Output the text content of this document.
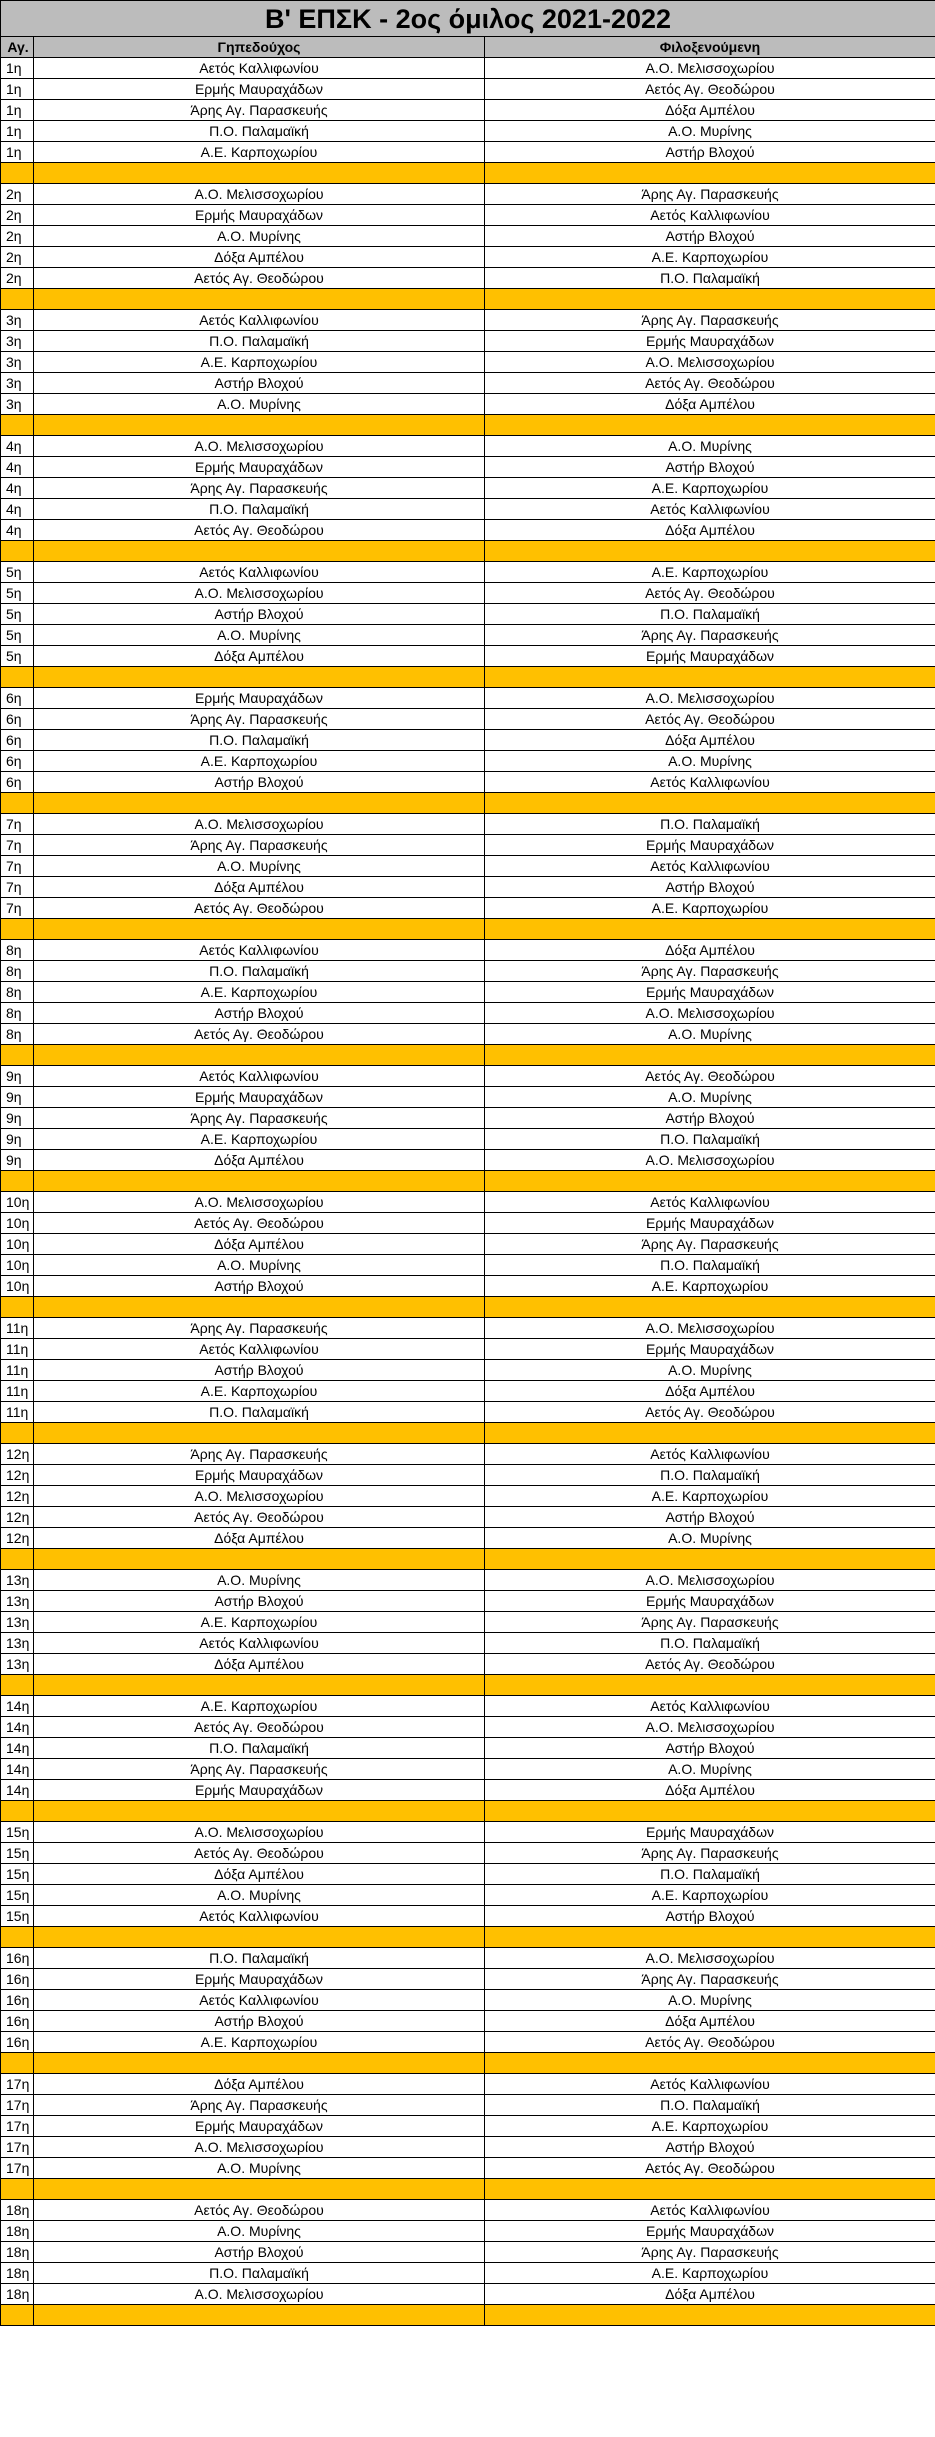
Β' ΕΠΣΚ - 2ος όμιλος 2021-2022		
Αγ.	Γηπεδούχος	Φιλοξενούμενη
1η	Αετός Καλλιφωνίου	Α.Ο. Μελισσοχωρίου
1η	Ερμής Μαυραχάδων	Αετός Αγ. Θεοδώρου
1η	Άρης Αγ. Παρασκευής	Δόξα Αμπέλου
1η	Π.Ο. Παλαμαϊκή	Α.Ο. Μυρίνης
1η	Α.Ε. Καρποχωρίου	Αστήρ Βλοχού

2η	Α.Ο. Μελισσοχωρίου	Άρης Αγ. Παρασκευής
2η	Ερμής Μαυραχάδων	Αετός Καλλιφωνίου
2η	Α.Ο. Μυρίνης	Αστήρ Βλοχού
2η	Δόξα Αμπέλου	Α.Ε. Καρποχωρίου
2η	Αετός Αγ. Θεοδώρου	Π.Ο. Παλαμαϊκή

3η	Αετός Καλλιφωνίου	Άρης Αγ. Παρασκευής
3η	Π.Ο. Παλαμαϊκή	Ερμής Μαυραχάδων
3η	Α.Ε. Καρποχωρίου	Α.Ο. Μελισσοχωρίου
3η	Αστήρ Βλοχού	Αετός Αγ. Θεοδώρου
3η	Α.Ο. Μυρίνης	Δόξα Αμπέλου

4η	Α.Ο. Μελισσοχωρίου	Α.Ο. Μυρίνης
4η	Ερμής Μαυραχάδων	Αστήρ Βλοχού
4η	Άρης Αγ. Παρασκευής	Α.Ε. Καρποχωρίου
4η	Π.Ο. Παλαμαϊκή	Αετός Καλλιφωνίου
4η	Αετός Αγ. Θεοδώρου	Δόξα Αμπέλου

5η	Αετός Καλλιφωνίου	Α.Ε. Καρποχωρίου
5η	Α.Ο. Μελισσοχωρίου	Αετός Αγ. Θεοδώρου
5η	Αστήρ Βλοχού	Π.Ο. Παλαμαϊκή
5η	Α.Ο. Μυρίνης	Άρης Αγ. Παρασκευής
5η	Δόξα Αμπέλου	Ερμής Μαυραχάδων

6η	Ερμής Μαυραχάδων	Α.Ο. Μελισσοχωρίου
6η	Άρης Αγ. Παρασκευής	Αετός Αγ. Θεοδώρου
6η	Π.Ο. Παλαμαϊκή	Δόξα Αμπέλου
6η	Α.Ε. Καρποχωρίου	Α.Ο. Μυρίνης
6η	Αστήρ Βλοχού	Αετός Καλλιφωνίου

7η	Α.Ο. Μελισσοχωρίου	Π.Ο. Παλαμαϊκή
7η	Άρης Αγ. Παρασκευής	Ερμής Μαυραχάδων
7η	Α.Ο. Μυρίνης	Αετός Καλλιφωνίου
7η	Δόξα Αμπέλου	Αστήρ Βλοχού
7η	Αετός Αγ. Θεοδώρου	Α.Ε. Καρποχωρίου

8η	Αετός Καλλιφωνίου	Δόξα Αμπέλου
8η	Π.Ο. Παλαμαϊκή	Άρης Αγ. Παρασκευής
8η	Α.Ε. Καρποχωρίου	Ερμής Μαυραχάδων
8η	Αστήρ Βλοχού	Α.Ο. Μελισσοχωρίου
8η	Αετός Αγ. Θεοδώρου	Α.Ο. Μυρίνης

9η	Αετός Καλλιφωνίου	Αετός Αγ. Θεοδώρου
9η	Ερμής Μαυραχάδων	Α.Ο. Μυρίνης
9η	Άρης Αγ. Παρασκευής	Αστήρ Βλοχού
9η	Α.Ε. Καρποχωρίου	Π.Ο. Παλαμαϊκή
9η	Δόξα Αμπέλου	Α.Ο. Μελισσοχωρίου

10η	Α.Ο. Μελισσοχωρίου	Αετός Καλλιφωνίου
10η	Αετός Αγ. Θεοδώρου	Ερμής Μαυραχάδων
10η	Δόξα Αμπέλου	Άρης Αγ. Παρασκευής
10η	Α.Ο. Μυρίνης	Π.Ο. Παλαμαϊκή
10η	Αστήρ Βλοχού	Α.Ε. Καρποχωρίου

11η	Άρης Αγ. Παρασκευής	Α.Ο. Μελισσοχωρίου
11η	Αετός Καλλιφωνίου	Ερμής Μαυραχάδων
11η	Αστήρ Βλοχού	Α.Ο. Μυρίνης
11η	Α.Ε. Καρποχωρίου	Δόξα Αμπέλου
11η	Π.Ο. Παλαμαϊκή	Αετός Αγ. Θεοδώρου

12η	Άρης Αγ. Παρασκευής	Αετός Καλλιφωνίου
12η	Ερμής Μαυραχάδων	Π.Ο. Παλαμαϊκή
12η	Α.Ο. Μελισσοχωρίου	Α.Ε. Καρποχωρίου
12η	Αετός Αγ. Θεοδώρου	Αστήρ Βλοχού
12η	Δόξα Αμπέλου	Α.Ο. Μυρίνης

13η	Α.Ο. Μυρίνης	Α.Ο. Μελισσοχωρίου
13η	Αστήρ Βλοχού	Ερμής Μαυραχάδων
13η	Α.Ε. Καρποχωρίου	Άρης Αγ. Παρασκευής
13η	Αετός Καλλιφωνίου	Π.Ο. Παλαμαϊκή
13η	Δόξα Αμπέλου	Αετός Αγ. Θεοδώρου

14η	Α.Ε. Καρποχωρίου	Αετός Καλλιφωνίου
14η	Αετός Αγ. Θεοδώρου	Α.Ο. Μελισσοχωρίου
14η	Π.Ο. Παλαμαϊκή	Αστήρ Βλοχού
14η	Άρης Αγ. Παρασκευής	Α.Ο. Μυρίνης
14η	Ερμής Μαυραχάδων	Δόξα Αμπέλου

15η	Α.Ο. Μελισσοχωρίου	Ερμής Μαυραχάδων
15η	Αετός Αγ. Θεοδώρου	Άρης Αγ. Παρασκευής
15η	Δόξα Αμπέλου	Π.Ο. Παλαμαϊκή
15η	Α.Ο. Μυρίνης	Α.Ε. Καρποχωρίου
15η	Αετός Καλλιφωνίου	Αστήρ Βλοχού

16η	Π.Ο. Παλαμαϊκή	Α.Ο. Μελισσοχωρίου
16η	Ερμής Μαυραχάδων	Άρης Αγ. Παρασκευής
16η	Αετός Καλλιφωνίου	Α.Ο. Μυρίνης
16η	Αστήρ Βλοχού	Δόξα Αμπέλου
16η	Α.Ε. Καρποχωρίου	Αετός Αγ. Θεοδώρου

17η	Δόξα Αμπέλου	Αετός Καλλιφωνίου
17η	Άρης Αγ. Παρασκευής	Π.Ο. Παλαμαϊκή
17η	Ερμής Μαυραχάδων	Α.Ε. Καρποχωρίου
17η	Α.Ο. Μελισσοχωρίου	Αστήρ Βλοχού
17η	Α.Ο. Μυρίνης	Αετός Αγ. Θεοδώρου

18η	Αετός Αγ. Θεοδώρου	Αετός Καλλιφωνίου
18η	Α.Ο. Μυρίνης	Ερμής Μαυραχάδων
18η	Αστήρ Βλοχού	Άρης Αγ. Παρασκευής
18η	Π.Ο. Παλαμαϊκή	Α.Ε. Καρποχωρίου
18η	Α.Ο. Μελισσοχωρίου	Δόξα Αμπέλου
